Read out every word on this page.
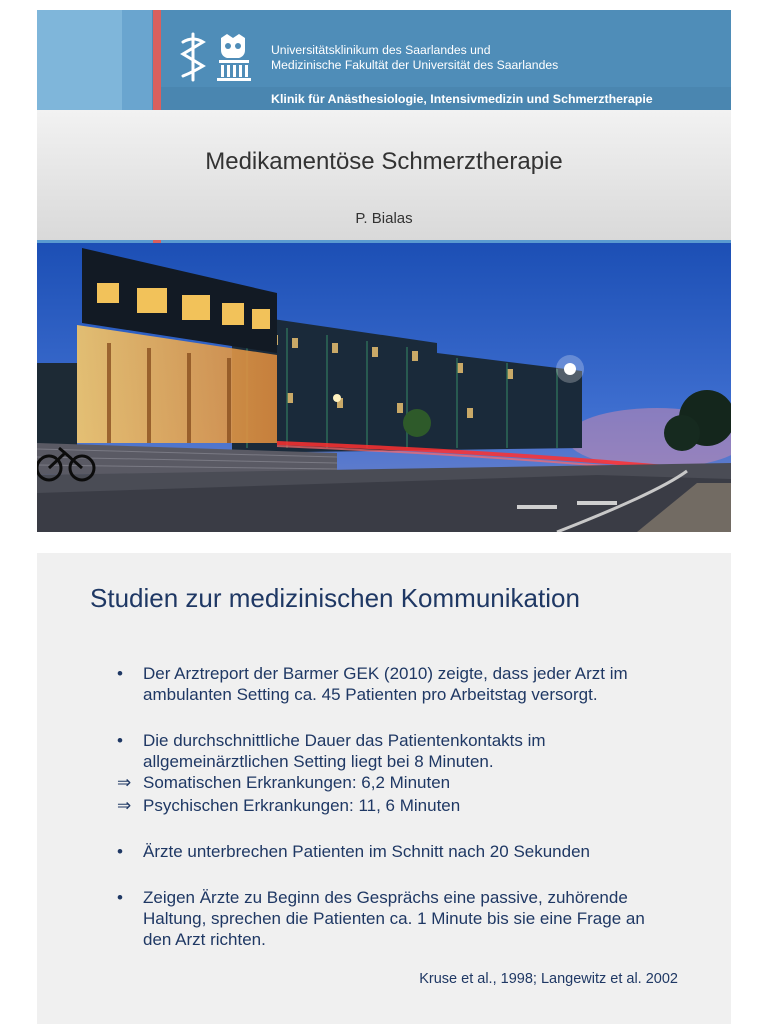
Universitätsklinikum des Saarlandes und
Medizinische Fakultät der Universität des Saarlandes
Klinik für Anästhesiologie, Intensivmedizin und Schmerztherapie
Medikamentöse Schmerztherapie
P. Bialas
Studien zur medizinischen Kommunikation
•	Der Arztreport der Barmer GEK (2010) zeigte, dass jeder Arzt im
ambulanten Setting ca. 45 Patienten pro Arbeitstag versorgt.
•	Die durchschnittliche Dauer das Patientenkontakts im
allgemeinärztlichen Setting liegt bei 8 Minuten.
⇒ Somatischen Erkrankungen: 6,2 Minuten
⇒ Psychischen Erkrankungen: 11, 6 Minuten
•	Ärzte unterbrechen Patienten im Schnitt nach 20 Sekunden
•	Zeigen Ärzte zu Beginn des Gesprächs eine passive, zuhörende
Haltung, sprechen die Patienten ca. 1 Minute bis sie eine Frage an
den Arzt richten.
Kruse et al., 1998; Langewitz et al. 2002
